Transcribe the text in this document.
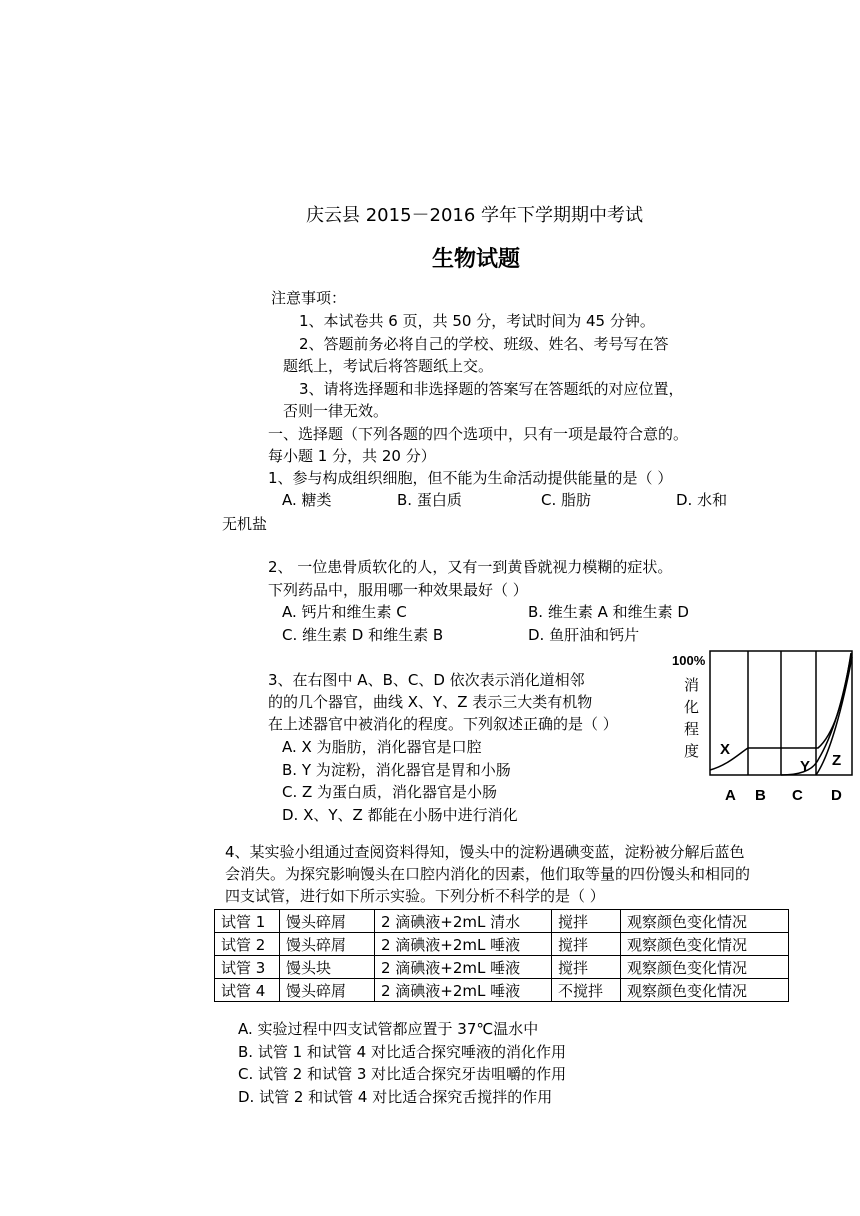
庆云县 2015－2016 学年下学期期中考试
生物试题
注意事项：
1、本试卷共 6 页，共 50 分，考试时间为 45 分钟。
2、答题前务必将自己的学校、班级、姓名、考号写在答
题纸上，考试后将答题纸上交。
3、请将选择题和非选择题的答案写在答题纸的对应位置，
否则一律无效。
一、选择题（下列各题的四个选项中，只有一项是最符合意的。
每小题 1 分，共 20 分）
1、参与构成组织细胞，但不能为生命活动提供能量的是（ ）
A. 糖类	B. 蛋白质	C. 脂肪	D. 水和
无机盐
2、 一位患骨质软化的人，又有一到黄昏就视力模糊的症状。
下列药品中，服用哪一种效果最好（ ）
A. 钙片和维生素 C	B. 维生素 A 和维生素 D
C. 维生素 D 和维生素 B	D. 鱼肝油和钙片
3、在右图中 A、B、C、D 依次表示消化道相邻
的的几个器官，曲线 X、Y、Z 表示三大类有机物
在上述器官中被消化的程度。下列叙述正确的是（ ）
A. X 为脂肪，消化器官是口腔
B. Y 为淀粉，消化器官是胃和小肠
C. Z 为蛋白质，消化器官是小肠
D. X、Y、Z 都能在小肠中进行消化
100%
消
化
程
度 X
Y Z
A B C D
4、某实验小组通过查阅资料得知，馒头中的淀粉遇碘变蓝，淀粉被分解后蓝色
会消失。为探究影响馒头在口腔内消化的因素，他们取等量的四份馒头和相同的
四支试管，进行如下所示实验。下列分析不科学的是（ ）
试管 1	馒头碎屑	2 滴碘液+2mL 清水	搅拌	观察颜色变化情况
试管 2	馒头碎屑	2 滴碘液+2mL 唾液	搅拌	观察颜色变化情况
试管 3	馒头块	2 滴碘液+2mL 唾液	搅拌	观察颜色变化情况
试管 4	馒头碎屑	2 滴碘液+2mL 唾液	不搅拌	观察颜色变化情况
A. 实验过程中四支试管都应置于 37℃温水中
B. 试管 1 和试管 4 对比适合探究唾液的消化作用
C. 试管 2 和试管 3 对比适合探究牙齿咀嚼的作用
D. 试管 2 和试管 4 对比适合探究舌搅拌的作用
